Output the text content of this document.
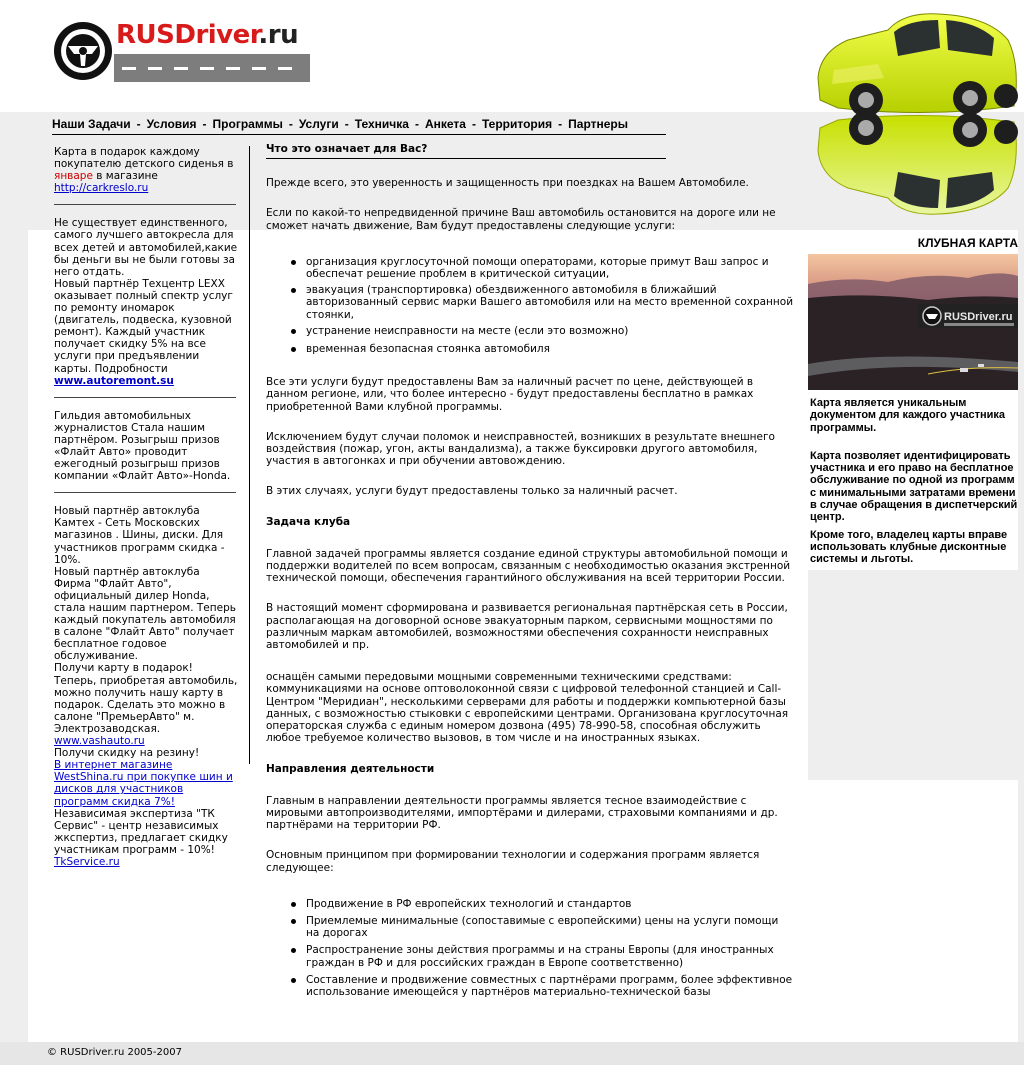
RUSDriver.ru
Наши Задачи - Условия - Программы - Услуги - Техничка - Анкета - Территория - Партнеры
Карта в подарок каждому покупателю детского сиденья в январе в магазине http://carkreslo.ru
Не существует единственного, самого лучшего автокресла для всех детей и автомобилей,какие бы деньги вы не были готовы за него отдать.
Новый партнёр Техцентр LEXX оказывает полный спектр услуг по ремонту иномарок (двигатель, подвеска, кузовной ремонт). Каждый участник получает скидку 5% на все услуги при предъявлении карты. Подробности
www.autoremont.su
Гильдия автомобильных журналистов Стала нашим партнёром. Розыгрыш призов «Флайт Авто» проводит ежегодный розыгрыш призов компании «Флайт Авто»-Honda.
Новый партнёр автоклуба Камтех - Сеть Московских магазинов . Шины, диски. Для участников программ скидка - 10%.
Новый партнёр автоклуба Фирма "Флайт Авто", официальный дилер Honda, стала нашим партнером. Теперь каждый покупатель автомобиля в салоне "Флайт Авто" получает бесплатное годовое обслуживание.
Получи карту в подарок! Теперь, приобретая автомобиль, можно получить нашу карту в подарок. Сделать это можно в салоне "ПремьерАвто" м. Электрозаводская.
www.vashauto.ru
Получи скидку на резину!
В интернет магазине WestShina.ru при покупке шин и дисков для участников программ скидка 7%!
Независимая экспертиза "ТК Сервис" - центр независимых жкспертиз, предлагает скидку участникам программ - 10%!
TkService.ru

Что это означает для Вас?

Прежде всего, это уверенность и защищенность при поездках на Вашем Автомобиле.

Если по какой-то непредвиденной причине Ваш автомобиль остановится на дороге или не сможет начать движение, Вам будут предоставлены следующие услуги:

организация круглосуточной помощи операторами, которые примут Ваш запрос и обеспечат решение проблем в критической ситуации,
эвакуация (транспортировка) обездвиженного автомобиля в ближайший авторизованный сервис марки Вашего автомобиля или на место временной сохранной стоянки,
устранение неисправности на месте (если это возможно)
временная безопасная стоянка автомобиля

Все эти услуги будут предоставлены Вам за наличный расчет по цене, действующей в данном регионе, или, что более интересно - будут предоставлены бесплатно в рамках приобретенной Вами клубной программы.

Исключением будут случаи поломок и неисправностей, возникших в результате внешнего воздействия (пожар, угон, акты вандализма), а также буксировки другого автомобиля, участия в автогонках и при обучении автовождению.

В этих случаях, услуги будут предоставлены только за наличный расчет.

Задача клуба

Главной задачей программы является создание единой структуры автомобильной помощи и поддержки водителей по всем вопросам, связанным с необходимостью оказания экстренной технической помощи, обеспечения гарантийного обслуживания на всей территории России.

В настоящий момент сформирована и развивается региональная партнёрская сеть в России, располагающая на договорной основе эвакуаторным парком, сервисными мощностями по различным маркам автомобилей, возможностями обеспечения сохранности неисправных автомобилей и пр.

оснащён самыми передовыми мощными современными техническими средствами: коммуникациями на основе оптоволоконной связи с цифровой телефонной станцией и Call-Центром "Меридиан", несколькими серверами для работы и поддержки компьютерной базы данных, с возможностью стыковки с европейскими центрами. Организована круглосуточная операторская служба с единым номером дозвона (495) 78-990-58, способная обслужить любое требуемое количество вызовов, в том числе и на иностранных языках.

Направления деятельности

Главным в направлении деятельности программы является тесное взаимодействие с мировыми автопроизводителями, импортёрами и дилерами, страховыми компаниями и др. партнёрами на территории РФ.

Основным принципом при формировании технологии и содержания программ является следующее:

Продвижение в РФ европейских технологий и стандартов
Приемлемые минимальные (сопоставимые с европейскими) цены на услуги помощи на дорогах
Распространение зоны действия программы и на страны Европы (для иностранных граждан в РФ и для российских граждан в Европе соответственно)
Составление и продвижение совместных с партнёрами программ, более эффективное использование имеющейся у партнёров материально-технической базы
КЛУБНАЯ КАРТА
RUSDriver.ru

Карта является уникальным документом для каждого участника программы.

Карта позволяет идентифицировать участника и его право на бесплатное обслуживание по одной из программ с минимальными затратами времени в случае обращения в диспетчерский центр.

Кроме того, владелец карты вправе использовать клубные дисконтные системы и льготы.

© RUSDriver.ru 2005-2007
